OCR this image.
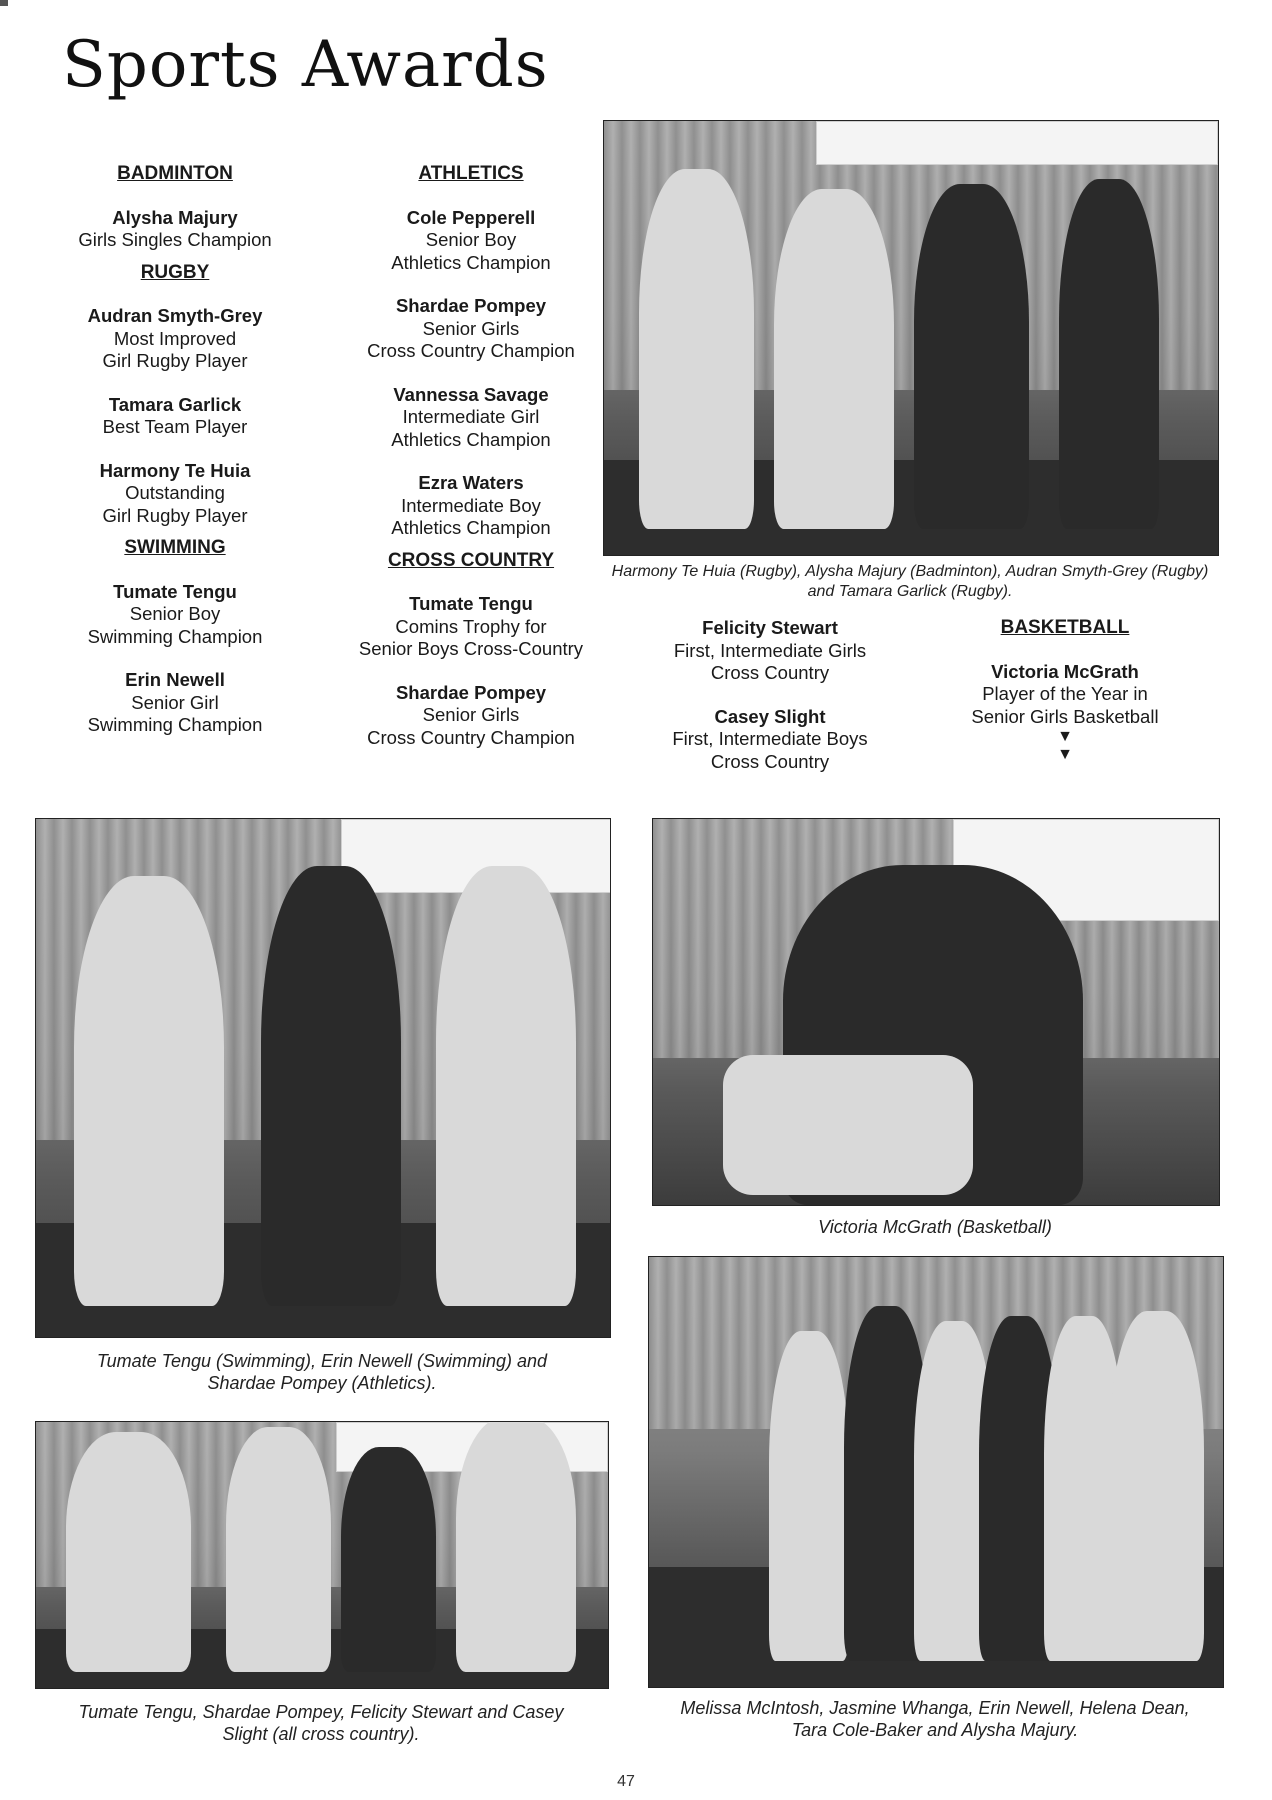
Sports Awards
BADMINTON
Alysha Majury
Girls Singles Champion
RUGBY
Audran Smyth-Grey
Most Improved
Girl Rugby Player
Tamara Garlick
Best Team Player
Harmony Te Huia
Outstanding
Girl Rugby Player
SWIMMING
Tumate Tengu
Senior Boy
Swimming Champion
Erin Newell
Senior Girl
Swimming Champion
ATHLETICS
Cole Pepperell
Senior Boy
Athletics Champion
Shardae Pompey
Senior Girls
Cross Country Champion
Vannessa Savage
Intermediate Girl
Athletics Champion
Ezra Waters
Intermediate Boy
Athletics Champion
CROSS COUNTRY
Tumate Tengu
Comins Trophy for
Senior Boys Cross-Country
Shardae Pompey
Senior Girls
Cross Country Champion
Harmony Te Huia (Rugby), Alysha Majury (Badminton), Audran Smyth-Grey (Rugby) and Tamara Garlick (Rugby).
Felicity Stewart
First, Intermediate Girls
Cross Country
Casey Slight
First, Intermediate Boys
Cross Country
BASKETBALL
Victoria McGrath
Player of the Year in
Senior Girls Basketball
▼
▼
Tumate Tengu (Swimming), Erin Newell (Swimming) and
Shardae Pompey (Athletics).
Victoria McGrath (Basketball)
Tumate Tengu, Shardae Pompey, Felicity Stewart and Casey
Slight (all cross country).
Melissa McIntosh, Jasmine Whanga, Erin Newell, Helena Dean,
Tara Cole-Baker and Alysha Majury.
47
